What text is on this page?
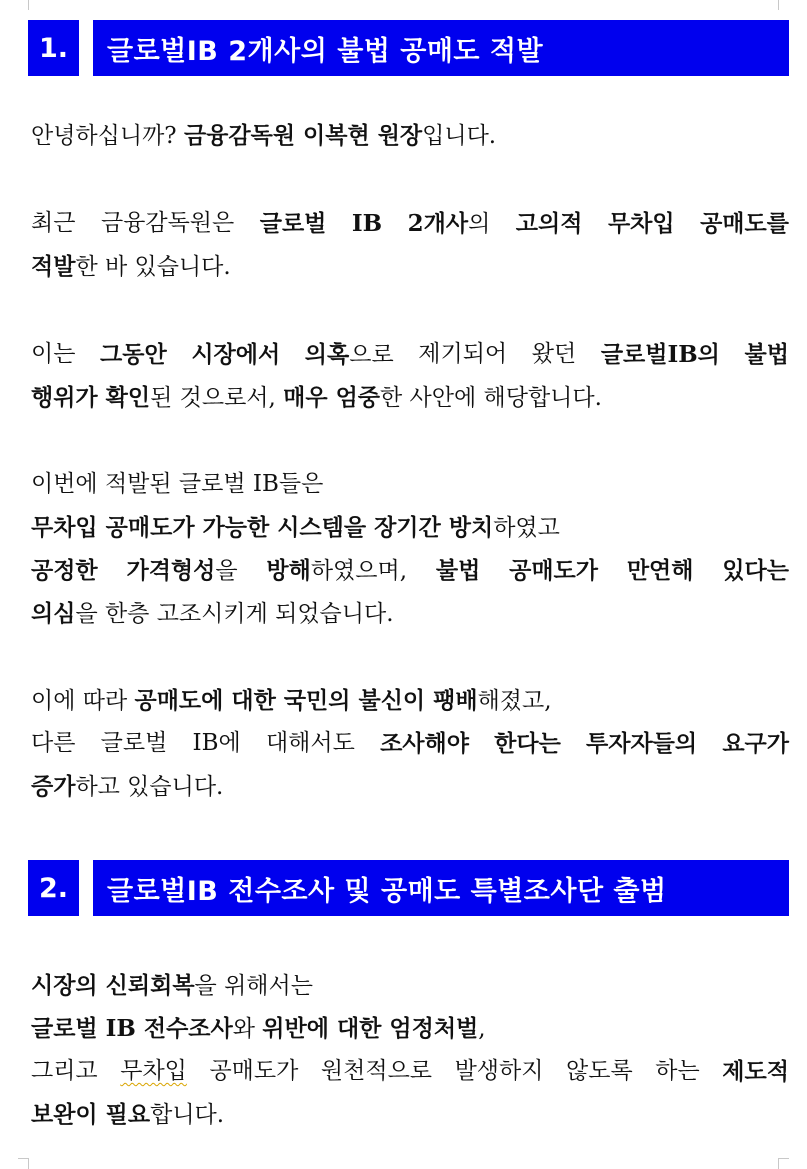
1.	글로벌IB 2개사의 불법 공매도 적발
안녕하십니까? 금융감독원 이복현 원장입니다.
최근 금융감독원은 글로벌 IB 2개사의 고의적 무차입 공매도를
적발한 바 있습니다.
이는 그동안 시장에서 의혹으로 제기되어 왔던 글로벌IB의 불법
행위가 확인된 것으로서, 매우 엄중한 사안에 해당합니다.
이번에 적발된 글로벌 IB들은
무차입 공매도가 가능한 시스템을 장기간 방치하였고
공정한 가격형성을 방해하였으며, 불법 공매도가 만연해 있다는
의심을 한층 고조시키게 되었습니다.
이에 따라 공매도에 대한 국민의 불신이 팽배해졌고,
다른 글로벌 IB에 대해서도 조사해야 한다는 투자자들의 요구가
증가하고 있습니다.
2.	글로벌IB 전수조사 및 공매도 특별조사단 출범
시장의 신뢰회복을 위해서는
글로벌 IB 전수조사와 위반에 대한 엄정처벌,
그리고 무차입 공매도가 원천적으로 발생하지 않도록 하는 제도적
보완이 필요합니다.
